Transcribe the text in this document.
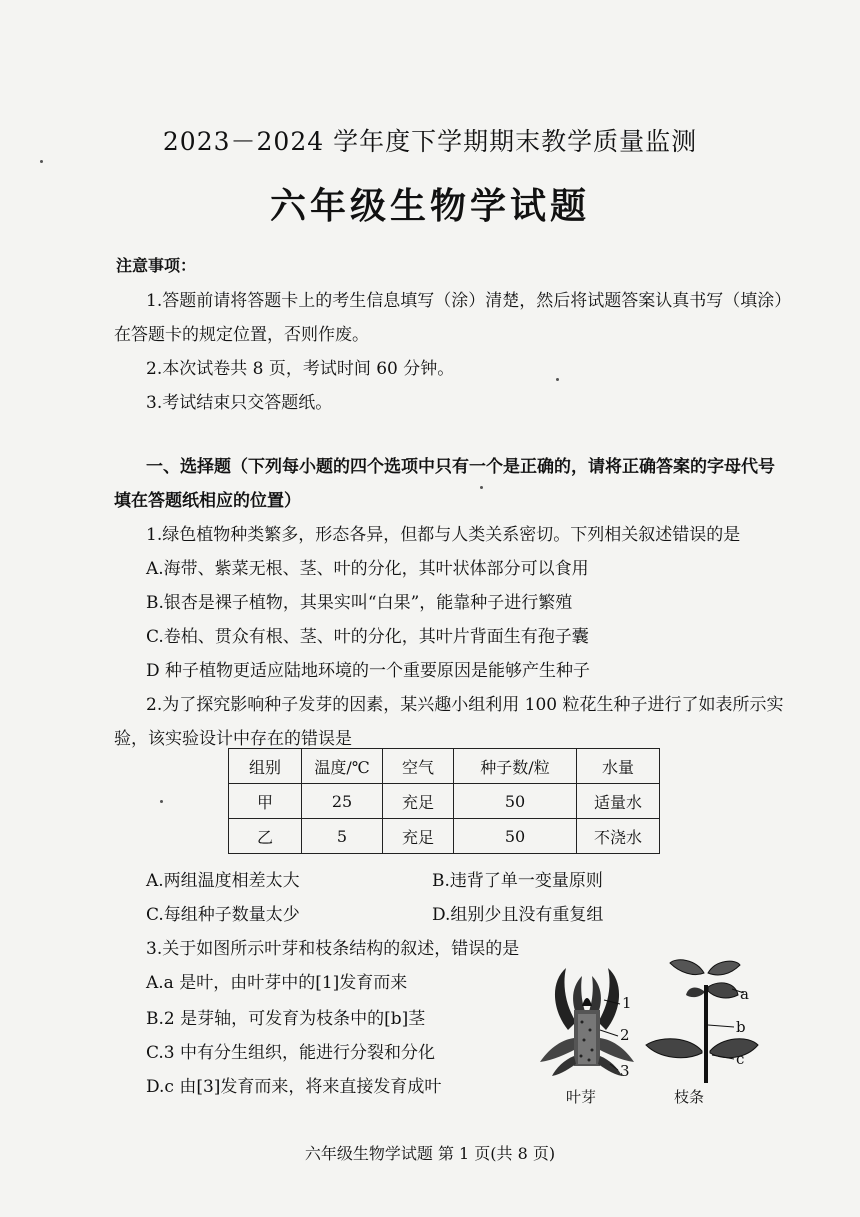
2023－2024 学年度下学期期末教学质量监测
六年级生物学试题
注意事项：
1.答题前请将答题卡上的考生信息填写（涂）清楚，然后将试题答案认真书写（填涂）
在答题卡的规定位置，否则作废。
2.本次试卷共 8 页，考试时间 60 分钟。
3.考试结束只交答题纸。
一、选择题（下列每小题的四个选项中只有一个是正确的，请将正确答案的字母代号
填在答题纸相应的位置）
1.绿色植物种类繁多，形态各异，但都与人类关系密切。下列相关叙述错误的是
A.海带、紫菜无根、茎、叶的分化，其叶状体部分可以食用
B.银杏是裸子植物，其果实叫“白果”，能靠种子进行繁殖
C.卷柏、贯众有根、茎、叶的分化，其叶片背面生有孢子囊
D 种子植物更适应陆地环境的一个重要原因是能够产生种子
2.为了探究影响种子发芽的因素，某兴趣小组利用 100 粒花生种子进行了如表所示实
验，该实验设计中存在的错误是
组别	温度/℃	空气	种子数/粒	水量
甲	25	充足	50	适量水
乙	5	充足	50	不浇水
A.两组温度相差太大	B.违背了单一变量原则
C.每组种子数量太少	D.组别少且没有重复组
3.关于如图所示叶芽和枝条结构的叙述，错误的是
A.a 是叶，由叶芽中的[1]发育而来
B.2 是芽轴，可发育为枝条中的[b]茎
C.3 中有分生组织，能进行分裂和分化
D.c 由[3]发育而来，将来直接发育成叶
1
2
3
叶芽
a
b
c
枝条
六年级生物学试题 第 1 页(共 8 页)
